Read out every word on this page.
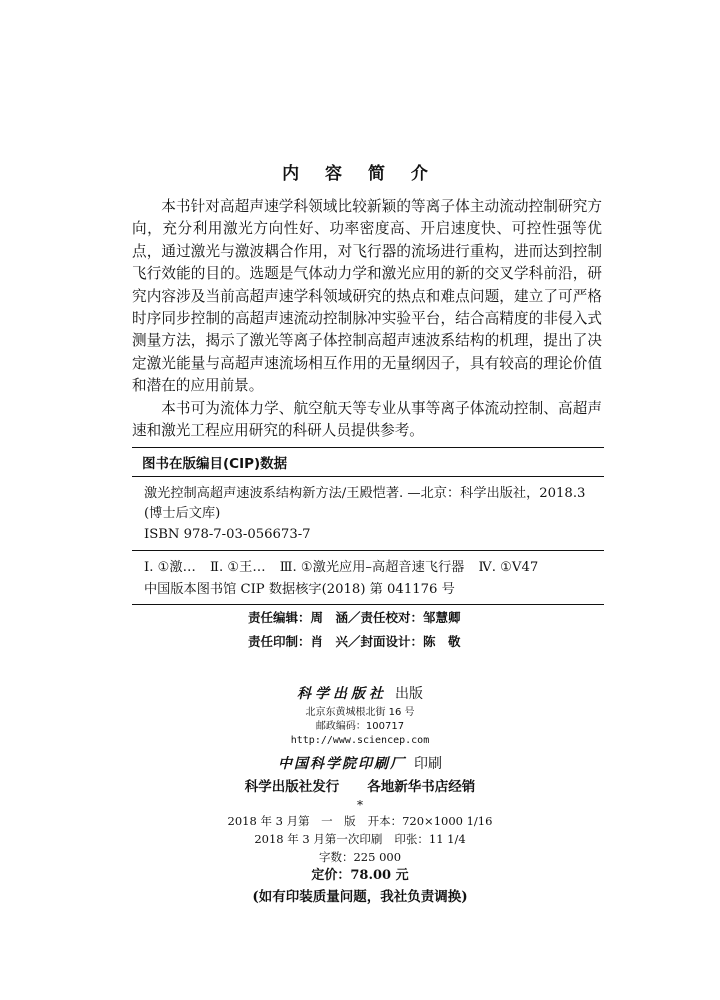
内 容 简 介

本书针对高超声速学科领域比较新颖的等离子体主动流动控制研究方向，充分利用激光方向性好、功率密度高、开启速度快、可控性强等优点，通过激光与激波耦合作用，对飞行器的流场进行重构，进而达到控制飞行效能的目的。选题是气体动力学和激光应用的新的交叉学科前沿，研究内容涉及当前高超声速学科领域研究的热点和难点问题，建立了可严格时序同步控制的高超声速流动控制脉冲实验平台，结合高精度的非侵入式测量方法，揭示了激光等离子体控制高超声速波系结构的机理，提出了决定激光能量与高超声速流场相互作用的无量纲因子，具有较高的理论价值和潜在的应用前景。

本书可为流体力学、航空航天等专业从事等离子体流动控制、高超声速和激光工程应用研究的科研人员提供参考。

图书在版编目(CIP)数据
激光控制高超声速波系结构新方法/王殿恺著. —北京：科学出版社，2018.3 (博士后文库)
ISBN 978-7-03-056673-7
Ⅰ. ①激… Ⅱ. ①王… Ⅲ. ①激光应用–高超音速飞行器 Ⅳ. ①V47
中国版本图书馆 CIP 数据核字(2018) 第 041176 号
责任编辑：周　涵／责任校对：邹慧卿
责任印制：肖　兴／封面设计：陈　敬
科学出版社 出版
北京东黄城根北街 16 号
邮政编码：100717
http://www.sciencep.com
中国科学院印刷厂 印刷
科学出版社发行 各地新华书店经销
*
2018 年 3 月第　一　版 开本：720×1000 1/16
2018 年 3 月第一次印刷 印张：11 1/4
字数：225 000
定价：78.00 元
(如有印装质量问题，我社负责调换)
